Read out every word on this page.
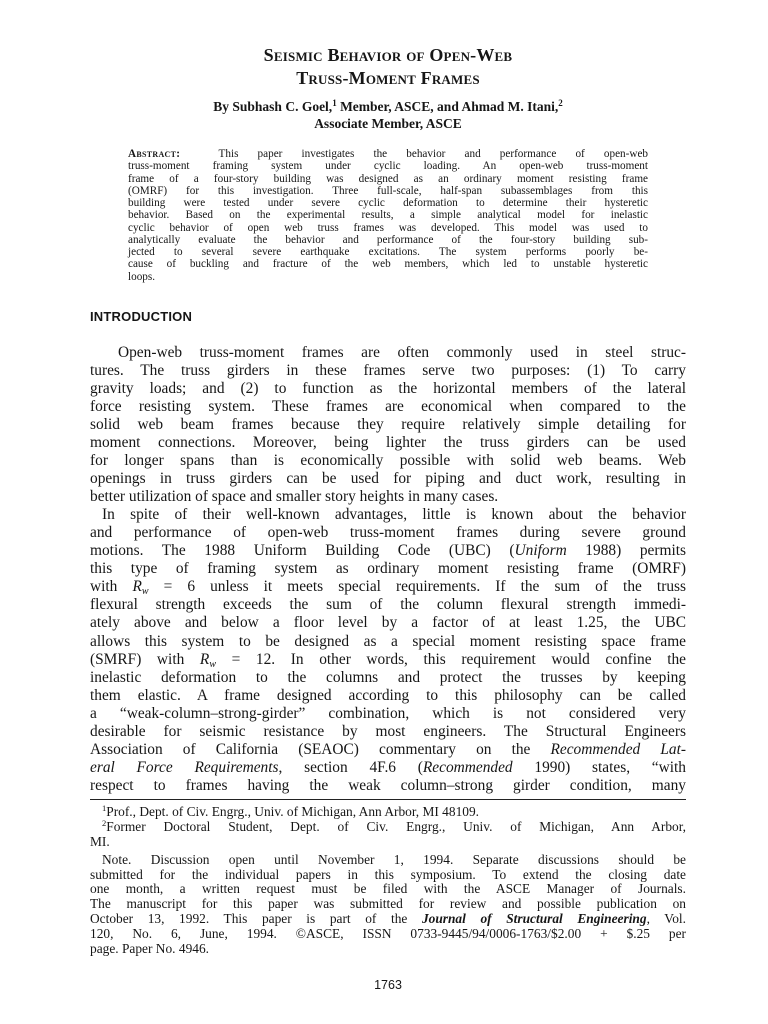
Seismic Behavior of Open-Web
Truss-Moment Frames
By Subhash C. Goel,$^1$ Member, ASCE, and Ahmad M. Itani,$^2$
Associate Member, ASCE
Abstract:	This paper investigates the behavior and performance of open-web
truss-moment framing system under cyclic loading. An open-web truss-moment
frame of a four-story building was designed as an ordinary moment resisting frame
(OMRF) for this investigation. Three full-scale, half-span subassemblages from this
building were tested under severe cyclic deformation to determine their hysteretic
behavior. Based on the experimental results, a simple analytical model for inelastic
cyclic behavior of open web truss frames was developed. This model was used to
analytically evaluate the behavior and performance of the four-story building sub-
jected to several severe earthquake excitations. The system performs poorly be-
cause of buckling and fracture of the web members, which led to unstable hysteretic
loops.
INTRODUCTION
Open-web truss-moment frames are often commonly used in steel struc-
tures. The truss girders in these frames serve two purposes: (1) To carry
gravity loads; and (2) to function as the horizontal members of the lateral
force resisting system. These frames are economical when compared to the
solid web beam frames because they require relatively simple detailing for
moment connections. Moreover, being lighter the truss girders can be used
for longer spans than is economically possible with solid web beams. Web
openings in truss girders can be used for piping and duct work, resulting in
better utilization of space and smaller story heights in many cases.
In spite of their well-known advantages, little is known about the behavior
and performance of open-web truss-moment frames during severe ground
motions. The 1988 Uniform Building Code (UBC) (Uniform 1988) permits
this type of framing system as ordinary moment resisting frame (OMRF)
with $R_w = 6$ unless it meets special requirements. If the sum of the truss
flexural strength exceeds the sum of the column flexural strength immedi-
ately above and below a floor level by a factor of at least 1.25, the UBC
allows this system to be designed as a special moment resisting space frame
(SMRF) with $R_w = 12$. In other words, this requirement would confine the
inelastic deformation to the columns and protect the trusses by keeping
them elastic. A frame designed according to this philosophy can be called
a “weak-column–strong-girder” combination, which is not considered very
desirable for seismic resistance by most engineers. The Structural Engineers
Association of California (SEAOC) commentary on the Recommended Lat-
eral Force Requirements, section 4F.6 (Recommended 1990) states, “with
respect to frames having the weak column–strong girder condition, many
$^1$Prof., Dept. of Civ. Engrg., Univ. of Michigan, Ann Arbor, MI 48109.
$^2$Former Doctoral Student, Dept. of Civ. Engrg., Univ. of Michigan, Ann Arbor,
MI.
Note. Discussion open until November 1, 1994. Separate discussions should be
submitted for the individual papers in this symposium. To extend the closing date
one month, a written request must be filed with the ASCE Manager of Journals.
The manuscript for this paper was submitted for review and possible publication on
October 13, 1992. This paper is part of the Journal of Structural Engineering, Vol.
120, No. 6, June, 1994. ©ASCE, ISSN 0733-9445/94/0006-1763/$2.00 + $.25 per
page. Paper No. 4946.
1763
